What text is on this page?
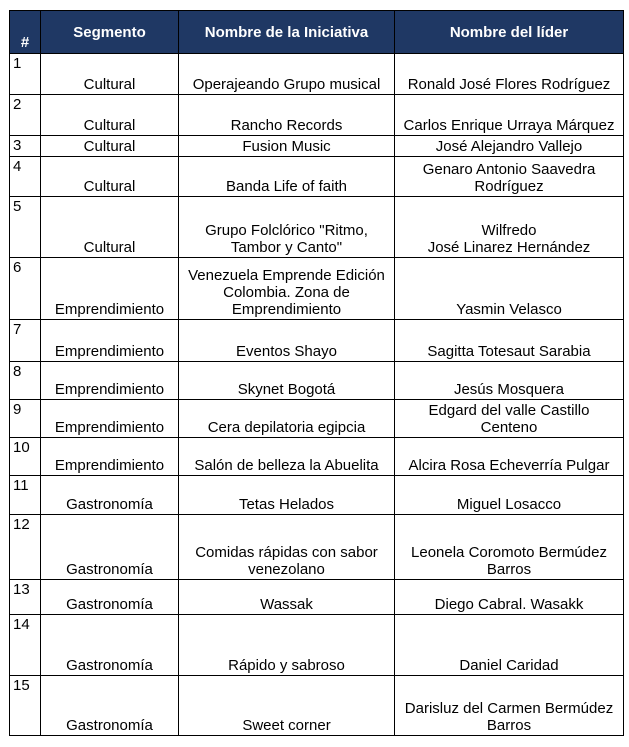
#	Segmento	Nombre de la Iniciativa	Nombre del líder
1	Cultural	Operajeando Grupo musical	Ronald José Flores Rodríguez

2	Cultural	Rancho Records	Carlos Enrique Urraya Márquez

3	Cultural	Fusion Music	José Alejandro Vallejo

4	Cultural	Banda Life of faith	Genaro Antonio Saavedra
Rodríguez

5	Cultural	Grupo Folclórico "Ritmo,
Tambor y Canto"	Wilfredo
José Linarez Hernández

6	Emprendimiento	Venezuela Emprende Edición
Colombia. Zona de
Emprendimiento	Yasmin Velasco

7	Emprendimiento	Eventos Shayo	Sagitta Totesaut Sarabia

8	Emprendimiento	Skynet Bogotá	Jesús Mosquera

9	Emprendimiento	Cera depilatoria egipcia	Edgard del valle Castillo
Centeno

10	Emprendimiento	Salón de belleza la Abuelita	Alcira Rosa Echeverría Pulgar

11	Gastronomía	Tetas Helados	Miguel Losacco

12	Gastronomía	Comidas rápidas con sabor
venezolano	Leonela Coromoto Bermúdez
Barros

13	Gastronomía	Wassak	Diego Cabral. Wasakk

14	Gastronomía	Rápido y sabroso	Daniel Caridad

15	Gastronomía	Sweet corner	Darisluz del Carmen Bermúdez
Barros
